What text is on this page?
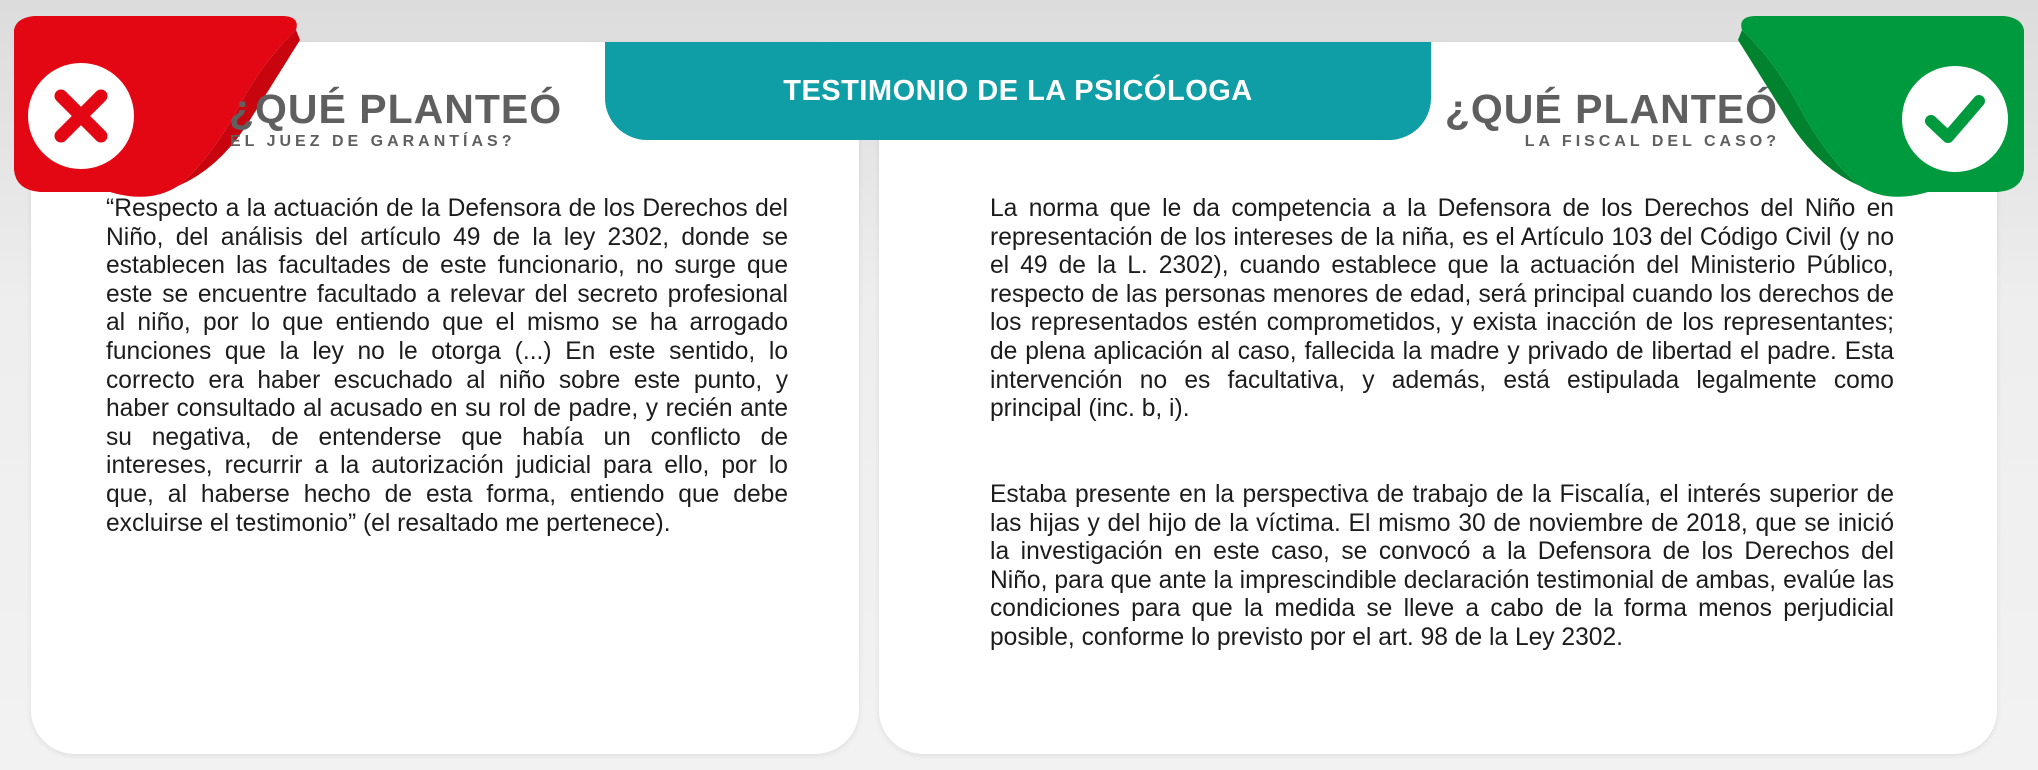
TESTIMONIO DE LA PSICÓLOGA
¿QUÉ PLANTEÓ
EL JUEZ DE GARANTÍAS?
¿QUÉ PLANTEÓ
LA FISCAL DEL CASO?
“Respecto a la actuación de la Defensora de los Derechos del Niño, del análisis del artículo 49 de la ley 2302, donde se establecen las facultades de este funcionario, no surge que este se encuentre facultado a relevar del secreto profesional al niño, por lo que entiendo que el mismo se ha arrogado funciones que la ley no le otorga (...) En este sentido, lo correcto era haber escuchado al niño sobre este punto, y haber consultado al acusado en su rol de padre, y recién ante su negativa, de entenderse que había un conflicto de intereses, recurrir a la autorización judicial para ello, por lo que, al haberse hecho de esta forma, entiendo que debe excluirse el testimonio” (el resaltado me pertenece).
La norma que le da competencia a la Defensora de los Derechos del Niño en representación de los intereses de la niña, es el Artículo 103 del Código Civil (y no el 49 de la L. 2302), cuando establece que la actuación del Ministerio Público, respecto de las personas menores de edad, será principal cuando los derechos de los representados estén comprometidos, y exista inacción de los representantes; de plena aplicación al caso, fallecida la madre y privado de libertad el padre. Esta intervención no es facultativa, y además, está estipulada legalmente como principal (inc. b, i).
Estaba presente en la perspectiva de trabajo de la Fiscalía, el interés superior de las hijas y del hijo de la víctima. El mismo 30 de noviembre de 2018, que se inició la investigación en este caso, se convocó a la Defensora de los Derechos del Niño, para que ante la imprescindible declaración testimonial de ambas, evalúe las condiciones para que la medida se lleve a cabo de la forma menos perjudicial posible, conforme lo previsto por el art. 98 de la Ley 2302.
